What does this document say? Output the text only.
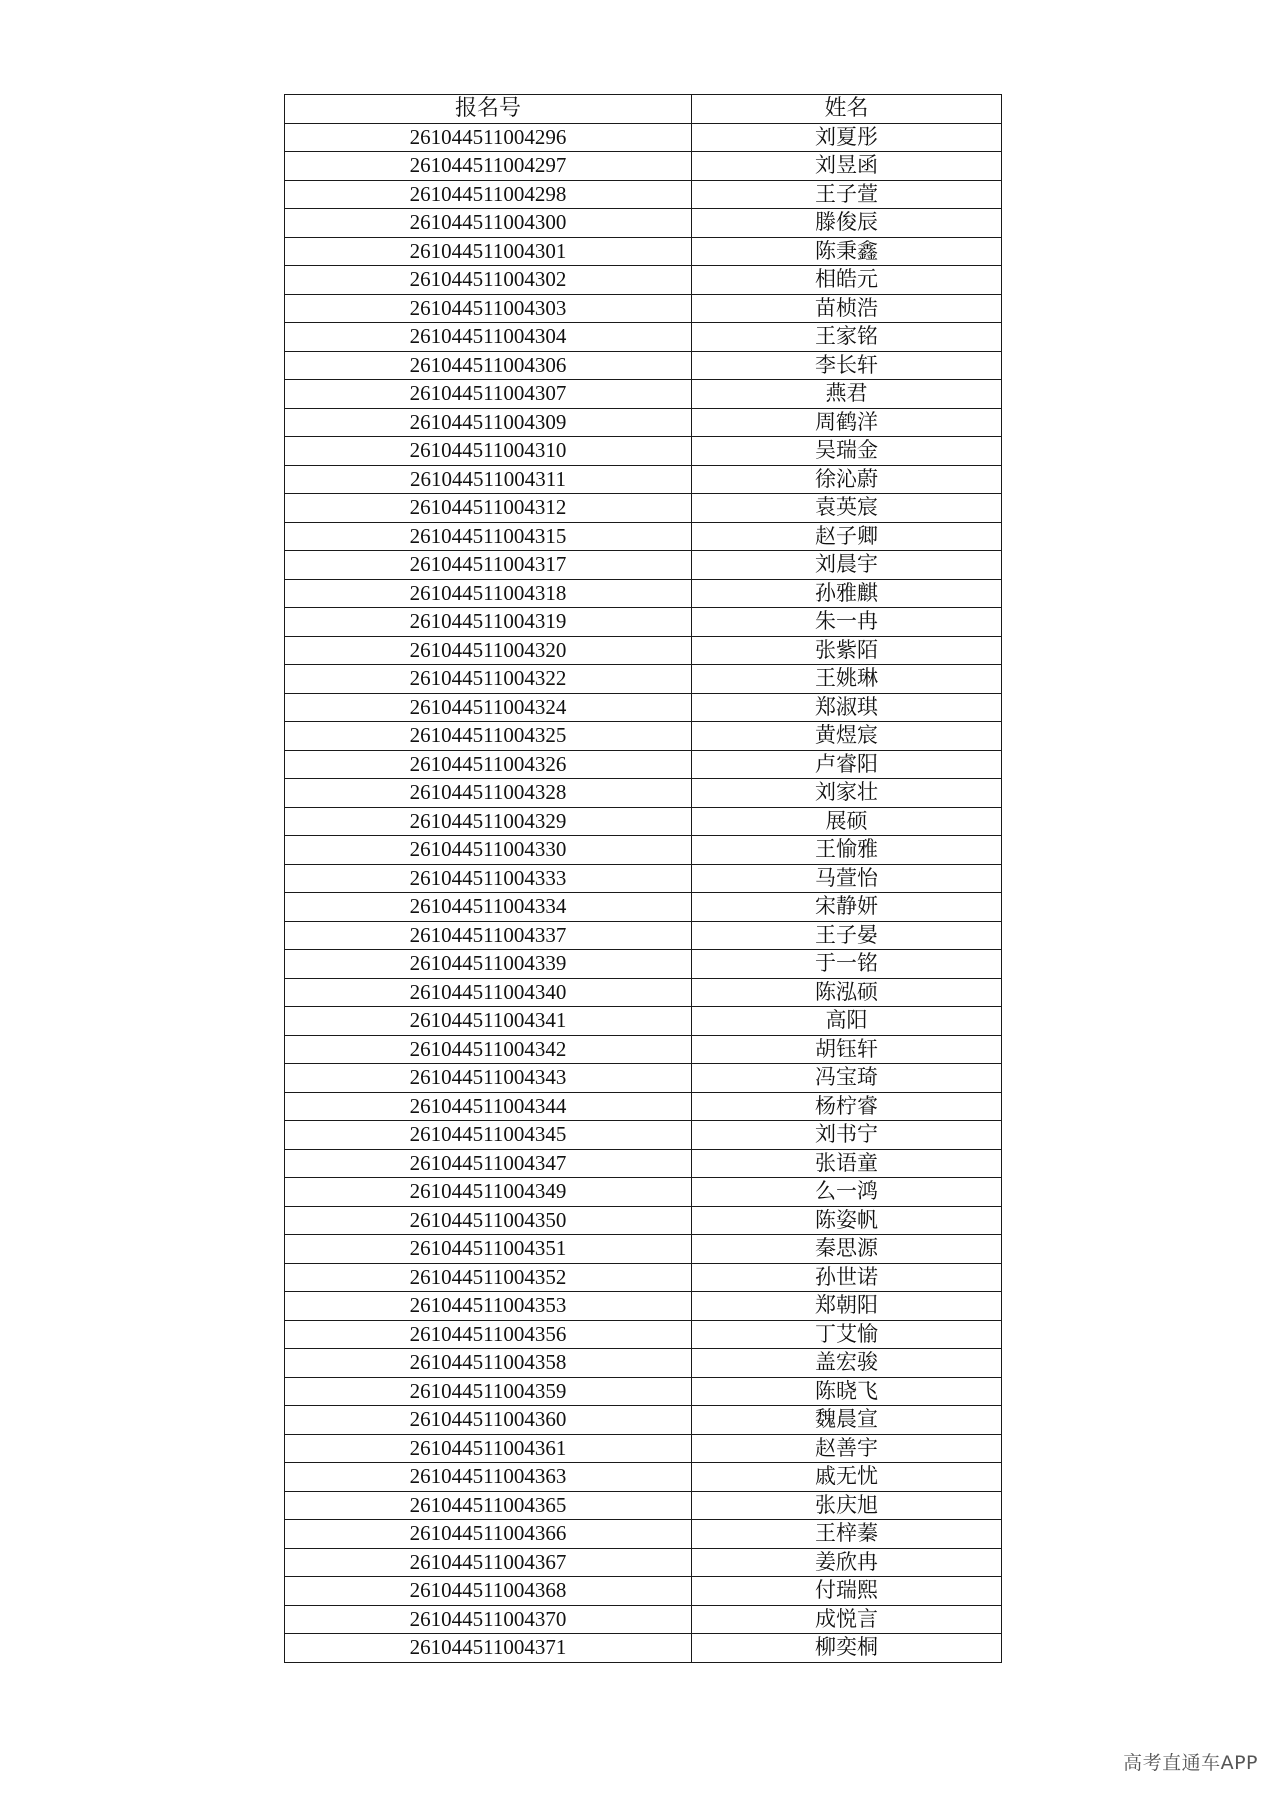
报名号	姓名
261044511004296	刘夏彤
261044511004297	刘昱函
261044511004298	王子萱
261044511004300	滕俊辰
261044511004301	陈秉鑫
261044511004302	相皓元
261044511004303	苗桢浩
261044511004304	王家铭
261044511004306	李长轩
261044511004307	燕君
261044511004309	周鹤洋
261044511004310	吴瑞金
261044511004311	徐沁蔚
261044511004312	袁英宸
261044511004315	赵子卿
261044511004317	刘晨宇
261044511004318	孙雅麒
261044511004319	朱一冉
261044511004320	张紫陌
261044511004322	王姚琳
261044511004324	郑淑琪
261044511004325	黄煜宸
261044511004326	卢睿阳
261044511004328	刘家壮
261044511004329	展硕
261044511004330	王愉雅
261044511004333	马萱怡
261044511004334	宋静妍
261044511004337	王子晏
261044511004339	于一铭
261044511004340	陈泓硕
261044511004341	高阳
261044511004342	胡钰轩
261044511004343	冯宝琦
261044511004344	杨柠睿
261044511004345	刘书宁
261044511004347	张语童
261044511004349	么一鸿
261044511004350	陈姿帆
261044511004351	秦思源
261044511004352	孙世诺
261044511004353	郑朝阳
261044511004356	丁艾愉
261044511004358	盖宏骏
261044511004359	陈晓飞
261044511004360	魏晨宣
261044511004361	赵善宇
261044511004363	戚无忧
261044511004365	张庆旭
261044511004366	王梓蓁
261044511004367	姜欣冉
261044511004368	付瑞熙
261044511004370	成悦言
261044511004371	柳奕桐
高考直通车APP
